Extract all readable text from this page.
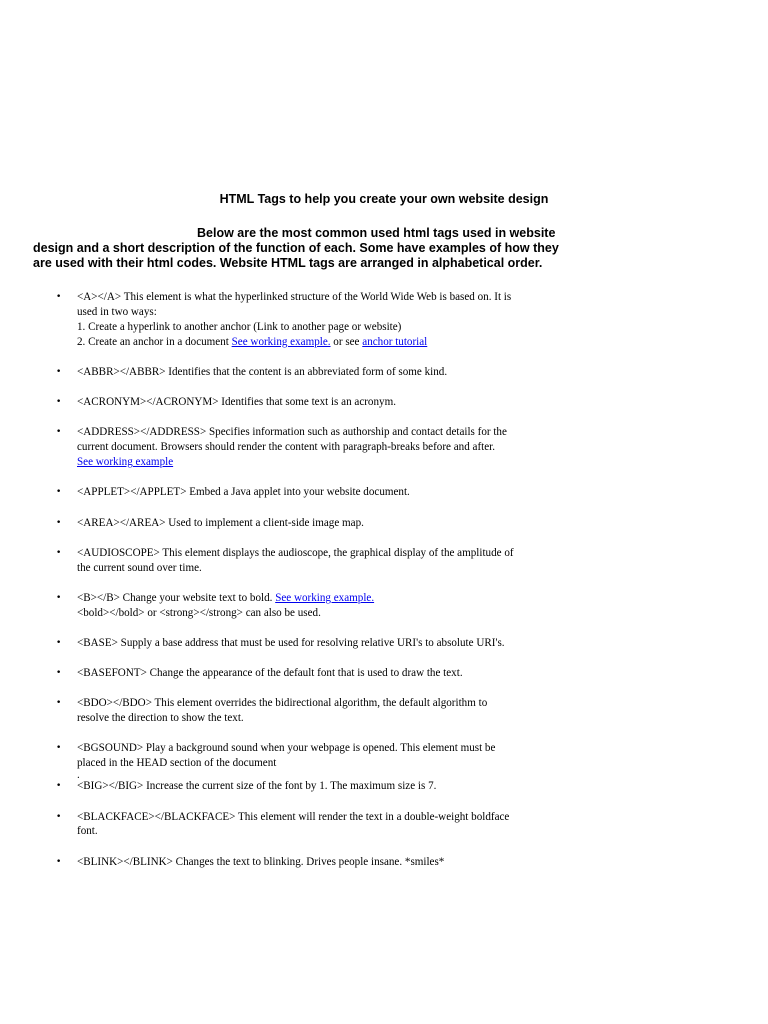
HTML Tags to help you create your own website design
Below are the most common used html tags used in website design and a short description of the function of each. Some have examples of how they are used with their html codes. Website HTML tags are arranged in alphabetical order.
• <A></A> This element is what the hyperlinked structure of the World Wide Web is based on. It is
used in two ways:
1. Create a hyperlink to another anchor (Link to another page or website)
2. Create an anchor in a document See working example. or see anchor tutorial
• <ABBR></ABBR> Identifies that the content is an abbreviated form of some kind.
• <ACRONYM></ACRONYM> Identifies that some text is an acronym.
• <ADDRESS></ADDRESS> Specifies information such as authorship and contact details for the
current document. Browsers should render the content with paragraph-breaks before and after.
See working example
• <APPLET></APPLET> Embed a Java applet into your website document.
• <AREA></AREA> Used to implement a client-side image map.
• <AUDIOSCOPE> This element displays the audioscope, the graphical display of the amplitude of
the current sound over time.
• <B></B> Change your website text to bold. See working example.
<bold></bold> or <strong></strong> can also be used.
• <BASE> Supply a base address that must be used for resolving relative URI's to absolute URI's.
• <BASEFONT> Change the appearance of the default font that is used to draw the text.
• <BDO></BDO> This element overrides the bidirectional algorithm, the default algorithm to
resolve the direction to show the text.
• <BGSOUND> Play a background sound when your webpage is opened. This element must be
placed in the HEAD section of the document
.
• <BIG></BIG> Increase the current size of the font by 1. The maximum size is 7.
• <BLACKFACE></BLACKFACE> This element will render the text in a double-weight boldface
font.
• <BLINK></BLINK> Changes the text to blinking. Drives people insane. *smiles*
